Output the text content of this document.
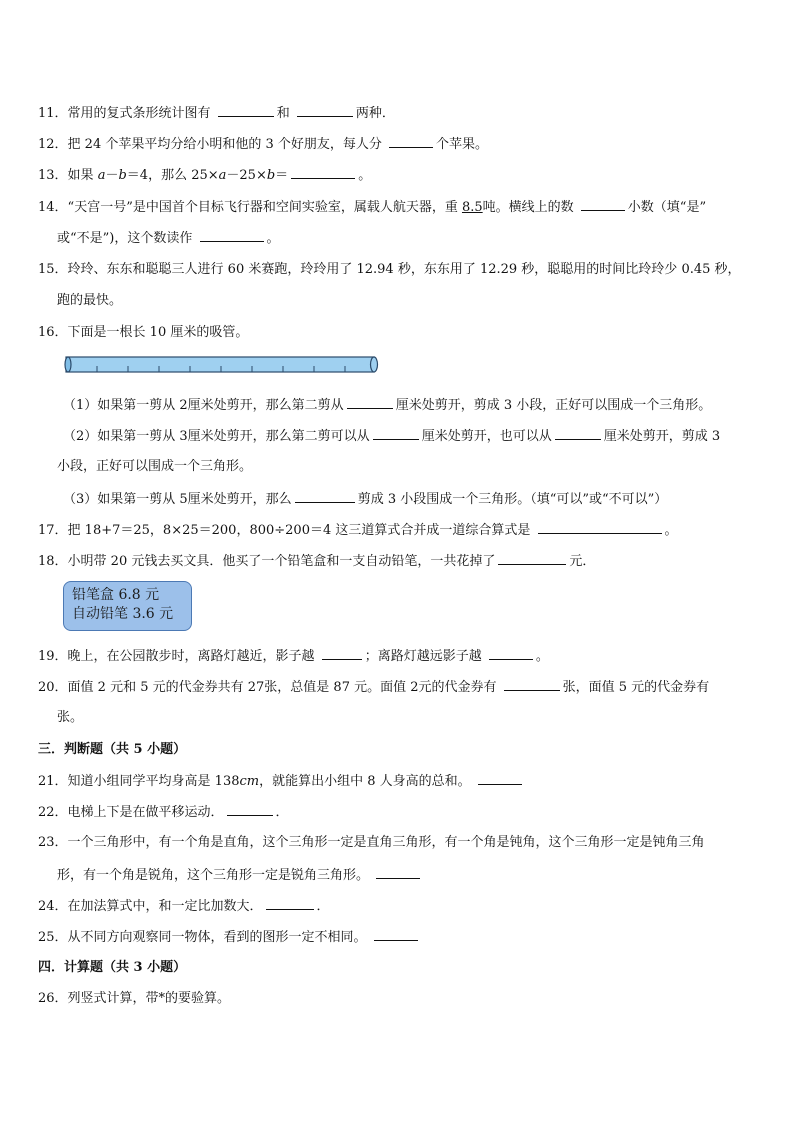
11．常用的复式条形统计图有	和	两种．
12．把 24 个苹果平均分给小明和他的 3 个好朋友，每人分	个苹果。
13．如果 a－b＝4，那么 25×a－25×b＝	。
14．“天宫一号”是中国首个目标飞行器和空间实验室，属载人航天器，重 8.5吨。横线上的数	小数（填“是”
或“不是”)，这个数读作	。
15．玲玲、东东和聪聪三人进行 60 米赛跑，玲玲用了 12.94 秒，东东用了 12.29 秒，聪聪用的时间比玲玲少 0.45 秒，
跑的最快。
16．下面是一根长 10 厘米的吸管。
（1）如果第一剪从 2厘米处剪开，那么第二剪从	厘米处剪开，剪成 3 小段，正好可以围成一个三角形。
（2）如果第一剪从 3厘米处剪开，那么第二剪可以从	厘米处剪开，也可以从	厘米处剪开，剪成 3
小段，正好可以围成一个三角形。
（3）如果第一剪从 5厘米处剪开，那么	剪成 3 小段围成一个三角形。（填“可以”或“不可以”）
17．把 18+7＝25，8×25＝200，800÷200＝4 这三道算式合并成一道综合算式是	。
18．小明带 20 元钱去买文具．他买了一个铅笔盒和一支自动铅笔，一共花掉了	元．
铅笔盒 6.8 元
自动铅笔 3.6 元
19．晚上，在公园散步时，离路灯越近，影子越	；离路灯越远影子越	。
20．面值 2 元和 5 元的代金券共有 27张，总值是 87 元。面值 2元的代金券有	张，面值 5 元的代金券有
张。
三．判断题（共 5 小题）
21．知道小组同学平均身高是 138cm，就能算出小组中 8 人身高的总和。
22．电梯上下是在做平移运动．	．
23．一个三角形中，有一个角是直角，这个三角形一定是直角三角形，有一个角是钝角，这个三角形一定是钝角三角
形，有一个角是锐角，这个三角形一定是锐角三角形。
24．在加法算式中，和一定比加数大．	．
25．从不同方向观察同一物体，看到的图形一定不相同。
四．计算题（共 3 小题）
26．列竖式计算，带*的要验算。
